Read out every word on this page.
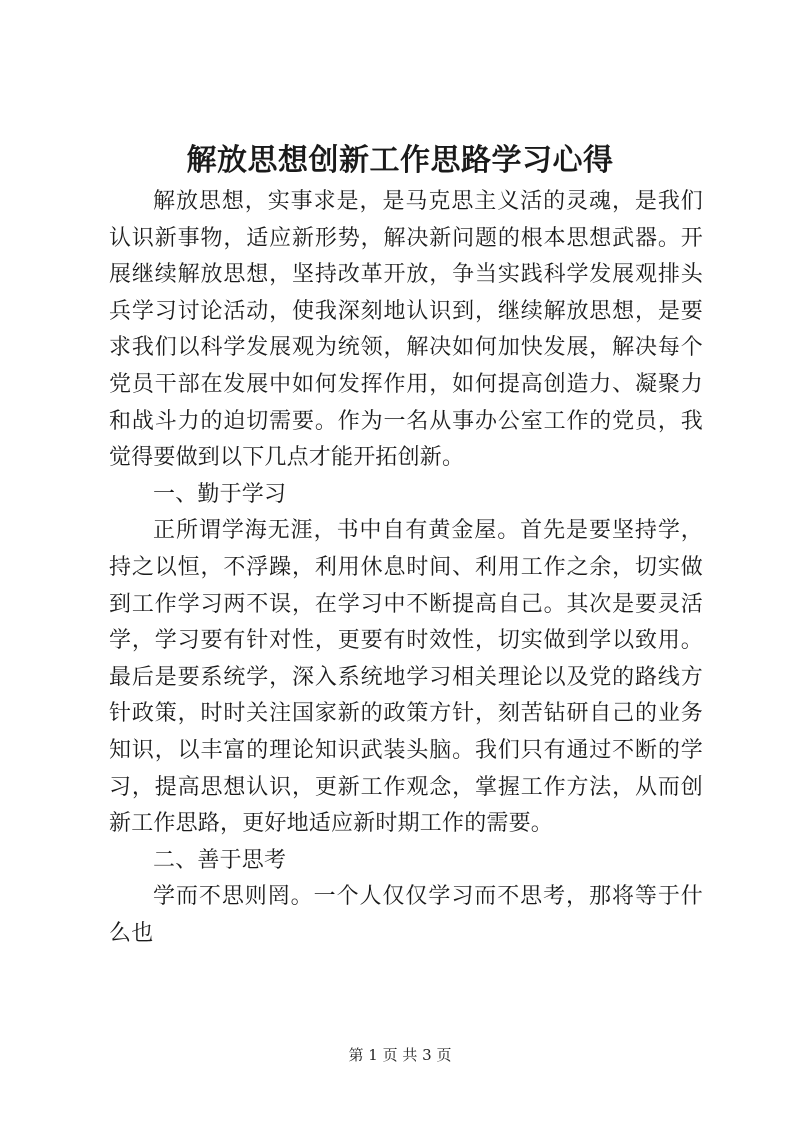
解放思想创新工作思路学习心得

解放思想，实事求是，是马克思主义活的灵魂，是我们认识新事物，适应新形势，解决新问题的根本思想武器。开展继续解放思想，坚持改革开放，争当实践科学发展观排头兵学习讨论活动，使我深刻地认识到，继续解放思想，是要求我们以科学发展观为统领，解决如何加快发展，解决每个党员干部在发展中如何发挥作用，如何提高创造力、凝聚力和战斗力的迫切需要。作为一名从事办公室工作的党员，我觉得要做到以下几点才能开拓创新。

一、勤于学习

正所谓学海无涯，书中自有黄金屋。首先是要坚持学，持之以恒，不浮躁，利用休息时间、利用工作之余，切实做到工作学习两不误，在学习中不断提高自己。其次是要灵活学，学习要有针对性，更要有时效性，切实做到学以致用。最后是要系统学，深入系统地学习相关理论以及党的路线方针政策，时时关注国家新的政策方针，刻苦钻研自己的业务知识，以丰富的理论知识武装头脑。我们只有通过不断的学习，提高思想认识，更新工作观念，掌握工作方法，从而创新工作思路，更好地适应新时期工作的需要。

二、善于思考

学而不思则罔。一个人仅仅学习而不思考，那将等于什么也

第 1 页 共 3 页
